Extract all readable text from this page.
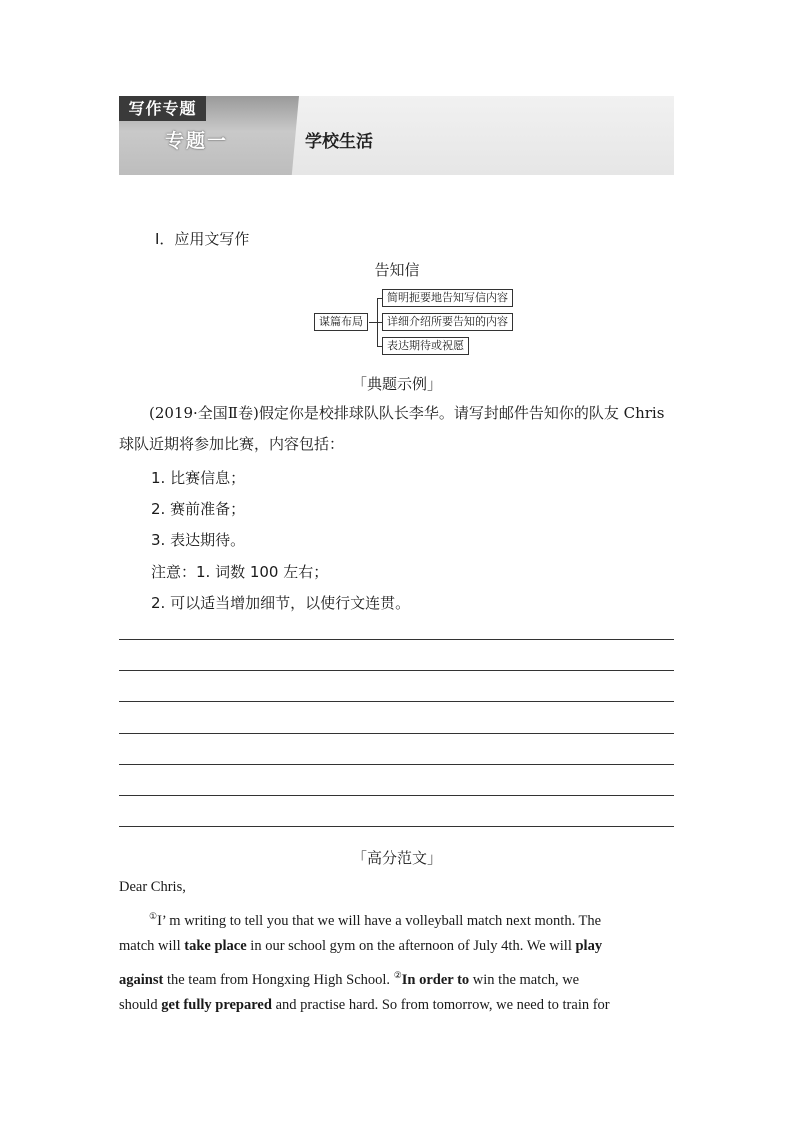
写作专题
专题一	学校生活
Ⅰ．应用文写作
告知信
谋篇布局
简明扼要地告知写信内容
详细介绍所要告知的内容
表达期待或祝愿
「典题示例」
(2019·全国Ⅱ卷)假定你是校排球队队长李华。请写封邮件告知你的队友 Chris
球队近期将参加比赛，内容包括：
1. 比赛信息；
2. 赛前准备；
3. 表达期待。
注意：1. 词数 100 左右；
2. 可以适当增加细节，以使行文连贯。
「高分范文」
Dear Chris,
①I’ m writing to tell you that we will have a volleyball match next month. The
match will take place in our school gym on the afternoon of July 4th. We will play
against the team from Hongxing High School. ②In order to win the match, we
should get fully prepared and practise hard. So from tomorrow, we need to train for
